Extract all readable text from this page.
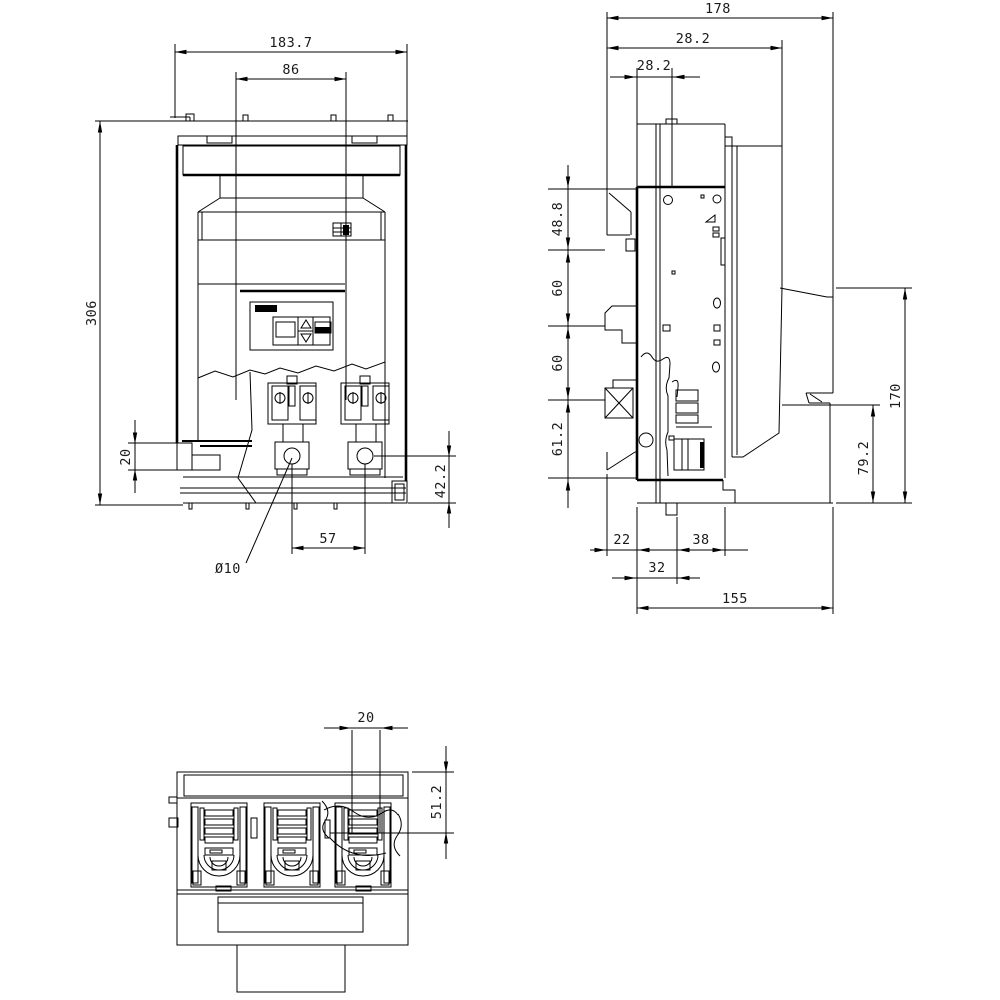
183.7
86
306
20
57
Ø10
42.2
178
28.2
28.2
48.8
60
60
61.2
170
79.2
22	38
32
155
20
51.2
